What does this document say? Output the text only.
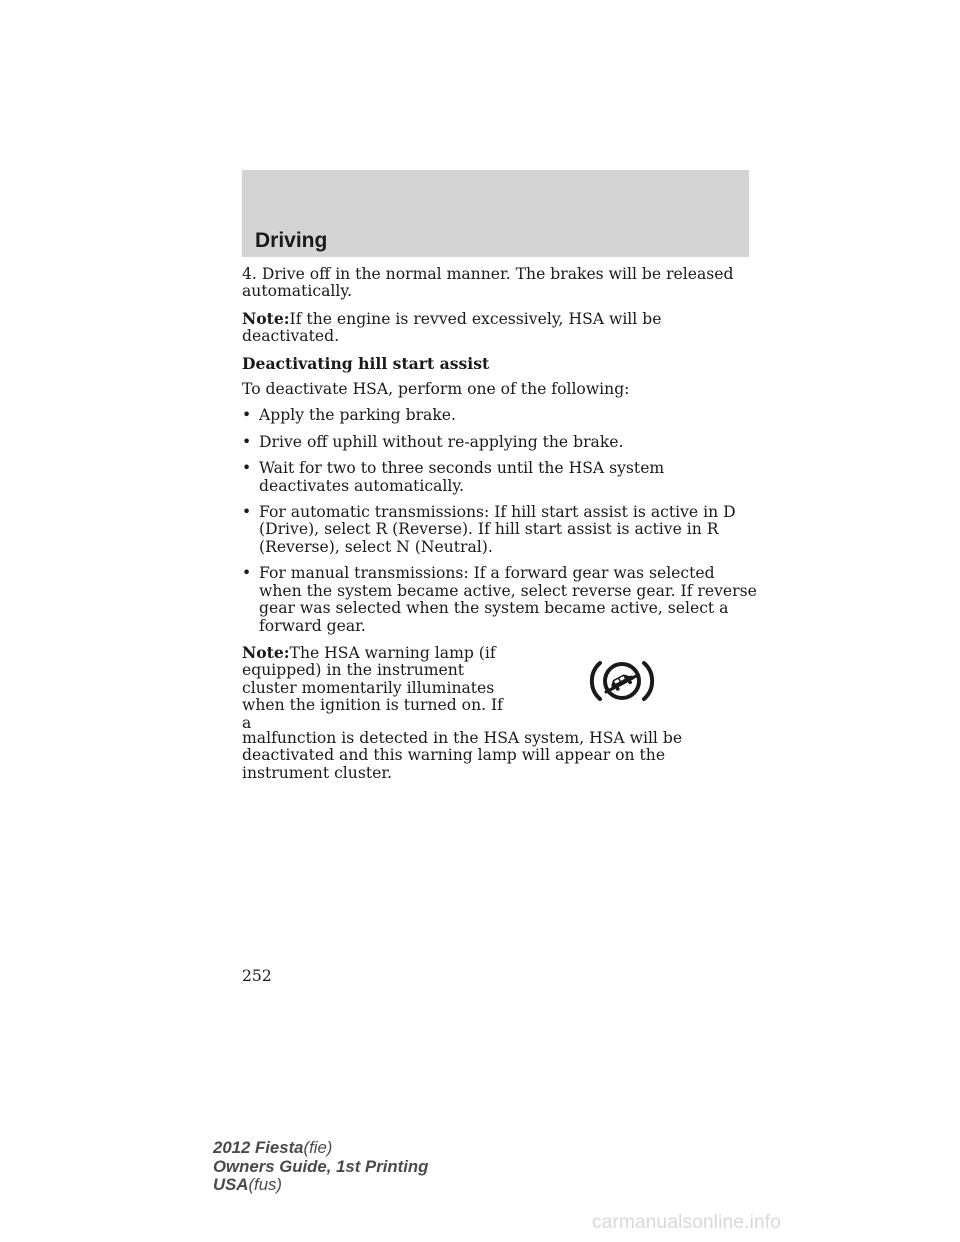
Driving

4. Drive off in the normal manner. The brakes will be released automatically.

Note:If the engine is revved excessively, HSA will be deactivated.

Deactivating hill start assist

To deactivate HSA, perform one of the following:

• Apply the parking brake.
• Drive off uphill without re-applying the brake.
• Wait for two to three seconds until the HSA system deactivates automatically.
• For automatic transmissions: If hill start assist is active in D (Drive), select R (Reverse). If hill start assist is active in R (Reverse), select N (Neutral).
• For manual transmissions: If a forward gear was selected when the system became active, select reverse gear. If reverse gear was selected when the system became active, select a forward gear.
Note:The HSA warning lamp (if equipped) in the instrument cluster momentarily illuminates when the ignition is turned on. If a
malfunction is detected in the HSA system, HSA will be deactivated and this warning lamp will appear on the instrument cluster.
252
2012 Fiesta(fie)
Owners Guide, 1st Printing
USA(fus)
carmanualsonline.info
